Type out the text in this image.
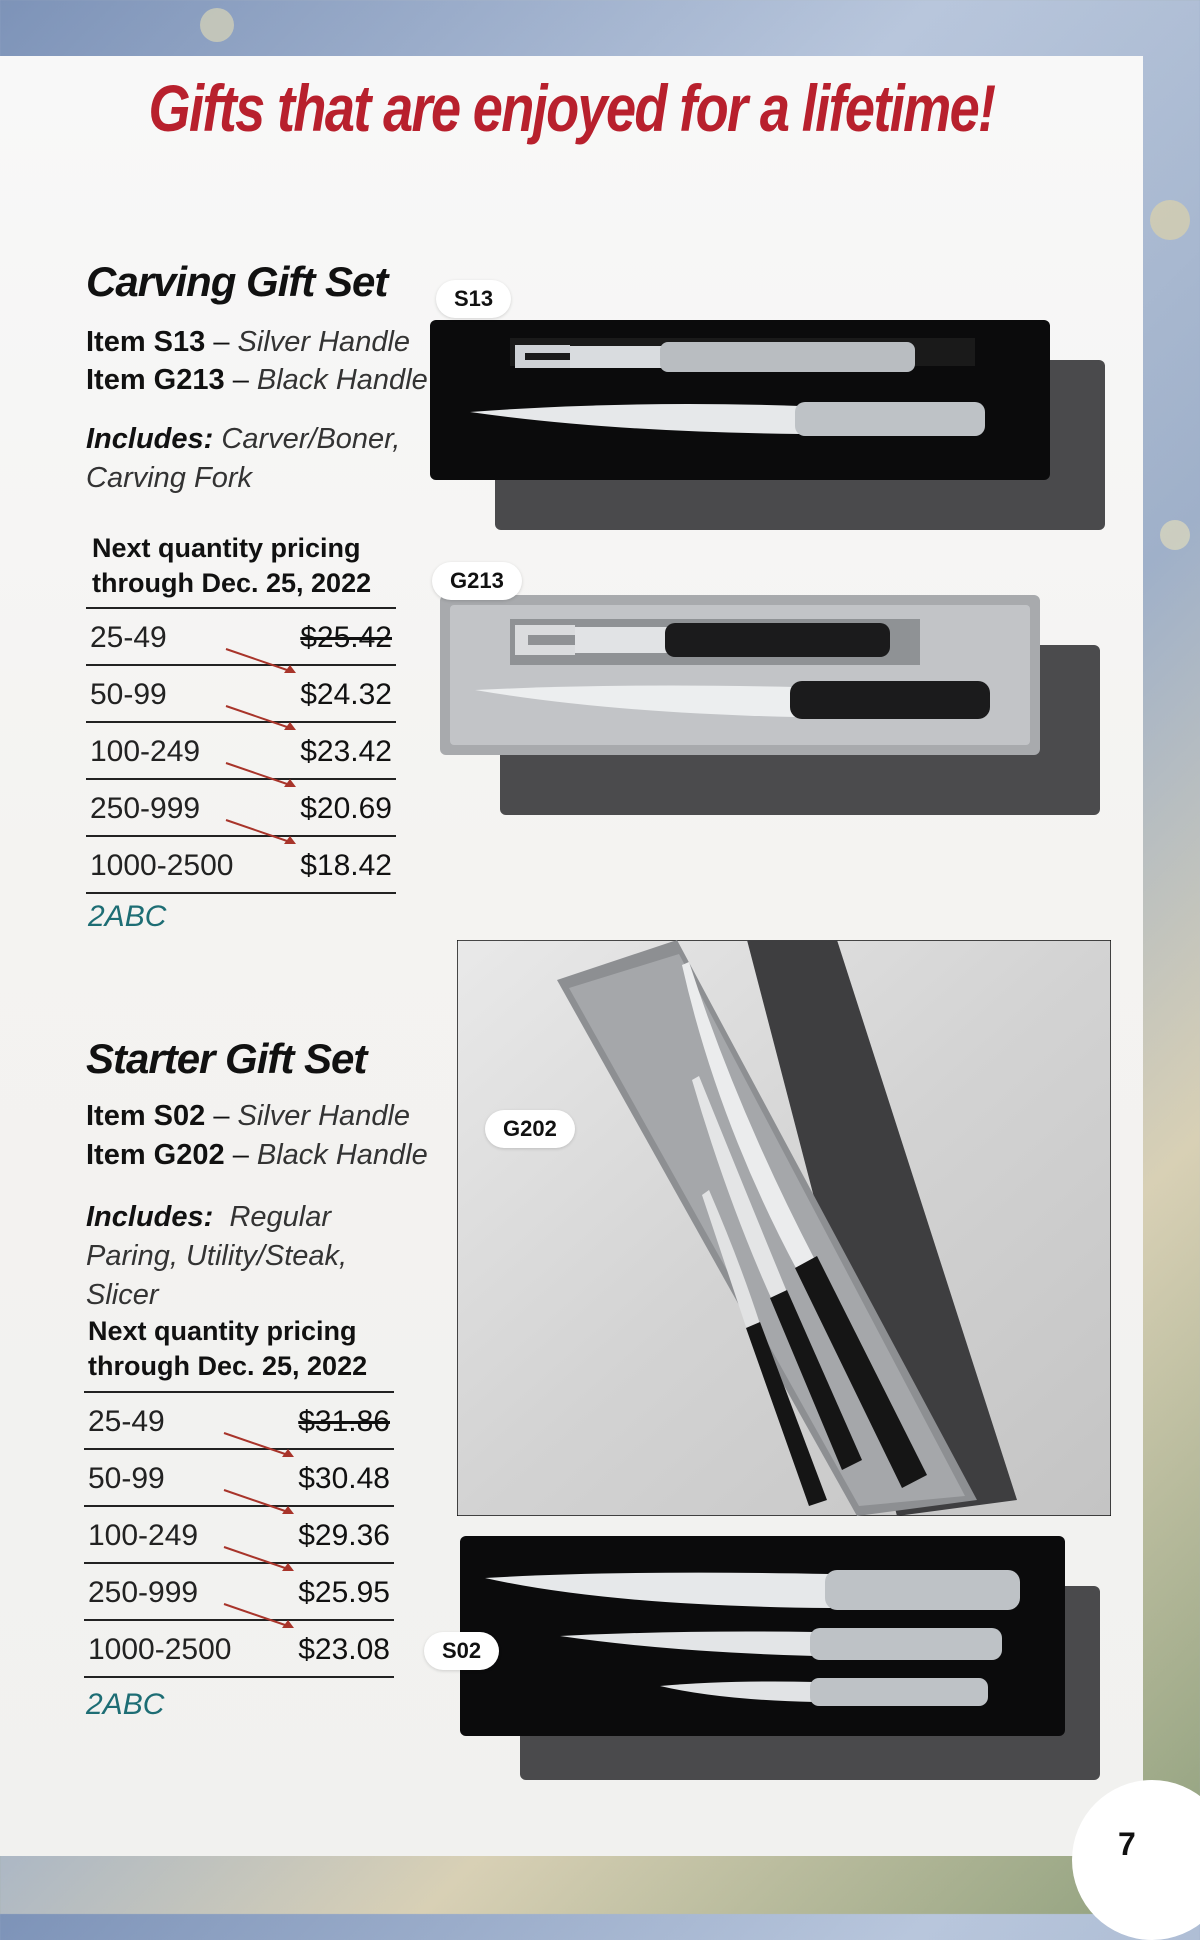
Gifts that are enjoyed for a lifetime!
Carving Gift Set
Item S13 – Silver Handle
Item G213 – Black Handle
Includes: Carver/Boner, Carving Fork
Next quantity pricing
through Dec. 25, 2022
25-49	$25.42
50-99	$24.32
100-249	$23.42
250-999	$20.69
1000-2500 $18.42
2ABC
S13
G213
Starter Gift Set
Item S02 – Silver Handle
Item G202 – Black Handle
Includes: Regular Paring, Utility/Steak, Slicer
Next quantity pricing
through Dec. 25, 2022
25-49	$31.86
50-99	$30.48
100-249	$29.36
250-999	$25.95
1000-2500 $23.08
2ABC
G202
S02
7
